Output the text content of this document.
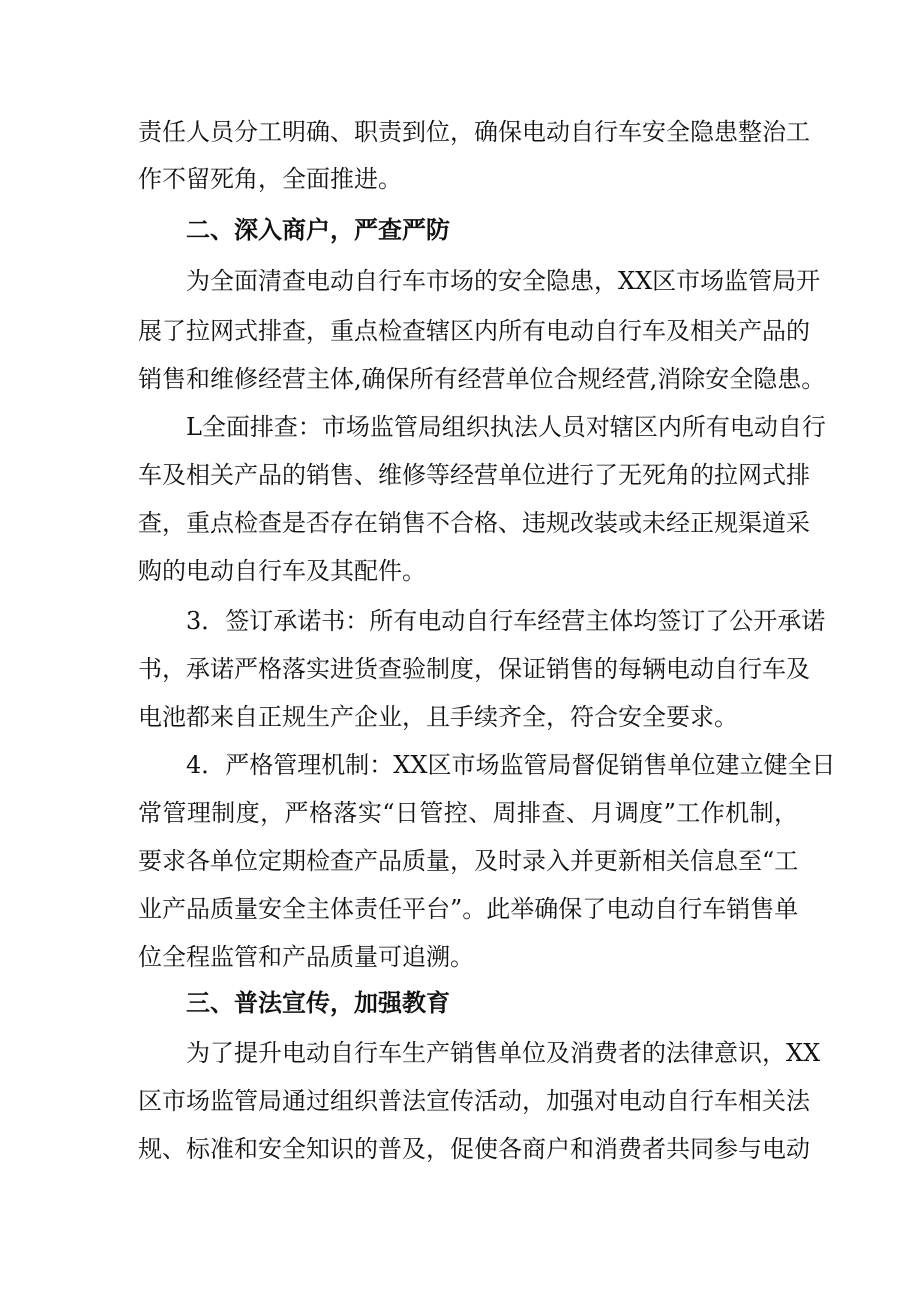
责任人员分工明确、职责到位，确保电动自行车安全隐患整治工
作不留死角，全面推进。
二、深入商户，严查严防
为全面清查电动自行车市场的安全隐患，XX区市场监管局开
展了拉网式排查，重点检查辖区内所有电动自行车及相关产品的
销售和维修经营主体,确保所有经营单位合规经营,消除安全隐患。
L全面排查：市场监管局组织执法人员对辖区内所有电动自行
车及相关产品的销售、维修等经营单位进行了无死角的拉网式排
查，重点检查是否存在销售不合格、违规改装或未经正规渠道采
购的电动自行车及其配件。
3．签订承诺书：所有电动自行车经营主体均签订了公开承诺
书，承诺严格落实进货查验制度，保证销售的每辆电动自行车及
电池都来自正规生产企业，且手续齐全，符合安全要求。
4．严格管理机制：XX区市场监管局督促销售单位建立健全日
常管理制度，严格落实“日管控、周排查、月调度”工作机制，
要求各单位定期检查产品质量，及时录入并更新相关信息至“工
业产品质量安全主体责任平台”。此举确保了电动自行车销售单
位全程监管和产品质量可追溯。
三、普法宣传，加强教育
为了提升电动自行车生产销售单位及消费者的法律意识，XX
区市场监管局通过组织普法宣传活动，加强对电动自行车相关法
规、标准和安全知识的普及，促使各商户和消费者共同参与电动
